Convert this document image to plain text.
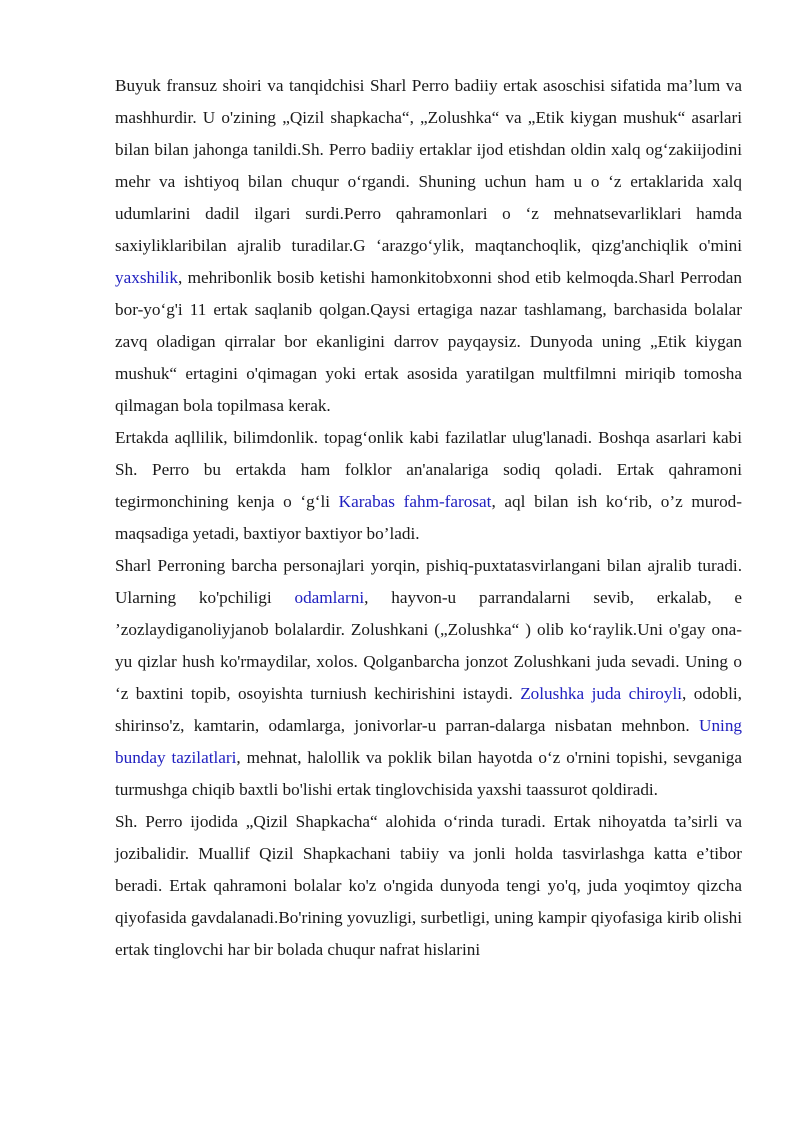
Buyuk fransuz shoiri va tanqidchisi Sharl Perro badiiy ertak asoschisi sifatida ma’lum va mashhurdir. U o'zining „Qizil shapkacha“, „Zolushka“ va „Etik kiygan mushuk“ asarlari bilan bilan jahonga tanildi.Sh. Perro badiiy ertaklar ijod etishdan oldin xalq og‘zakiijodini mehr va ishtiyoq bilan chuqur o‘rgandi. Shuning uchun ham u o ‘z ertaklarida xalq udumlarini dadil ilgari surdi.Perro qahramonlari o ‘z mehnatsevarliklari hamda saxiyliklaribilan ajralib turadilar.G ‘arazgo‘ylik, maqtanchoqlik, qizg'anchiqlik o'mini yaxshilik, mehribonlik bosib ketishi hamonkitobxonni shod etib kelmoqda.Sharl Perrodan bor-yo‘g'i 11 ertak saqlanib qolgan.Qaysi ertagiga nazar tashlamang, barchasida bolalar zavq oladigan qirralar bor ekanligini darrov payqaysiz. Dunyoda uning „Etik kiygan mushuk“ ertagini o'qimagan yoki ertak asosida yaratilgan multfilmni miriqib tomosha qilmagan bola topilmasa kerak.

Ertakda aqllilik, bilimdonlik. topag‘onlik kabi fazilatlar ulug'lanadi. Boshqa asarlari kabi Sh. Perro bu ertakda ham folklor an'analariga sodiq qoladi. Ertak qahramoni tegirmonchining kenja o ‘g‘li Karabas fahm-farosat, aql bilan ish ko‘rib, o’z murod-maqsadiga yetadi, baxtiyor baxtiyor bo’ladi.

Sharl Perroning barcha personajlari yorqin, pishiq-puxtatasvirlangani bilan ajralib turadi. Ularning ko'pchiligi odamlarni, hayvon-u parrandalarni sevib, erkalab, e ’zozlaydiganoliyjanob bolalardir. Zolushkani („Zolushka“ ) olib ko‘raylik.Uni o'gay ona-yu qizlar hush ko'rmaydilar, xolos. Qolganbarcha jonzot Zolushkani juda sevadi. Uning o ‘z baxtini topib, osoyishta turniush kechirishini istaydi. Zolushka juda chiroyli, odobli, shirinso'z, kamtarin, odamlarga, jonivorlar-u parran-dalarga nisbatan mehnbon. Uning bunday tazilatlari, mehnat, halollik va poklik bilan hayotda o‘z o'rnini topishi, sevganiga turmushga chiqib baxtli bo'lishi ertak tinglovchisida yaxshi taassurot qoldiradi.

Sh. Perro ijodida „Qizil Shapkacha“ alohida o‘rinda turadi. Ertak nihoyatda ta’sirli va jozibalidir. Muallif Qizil Shapkachani tabiiy va jonli holda tasvirlashga katta e’tibor beradi. Ertak qahramoni bolalar ko'z o'ngida dunyoda tengi yo'q, juda yoqimtoy qizcha qiyofasida gavdalanadi.Bo'rining yovuzligi, surbetligi, uning kampir qiyofasiga kirib olishi ertak tinglovchi har bir bolada chuqur nafrat hislarini
